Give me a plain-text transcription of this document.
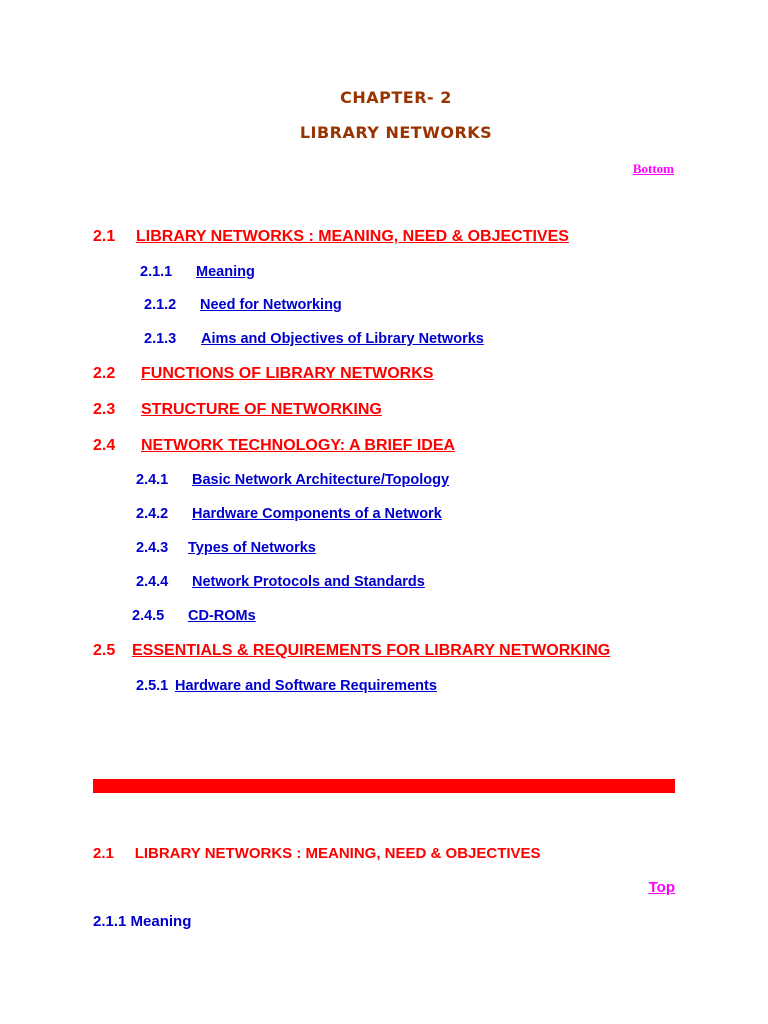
CHAPTER- 2
LIBRARY NETWORKS
Bottom
2.1 LIBRARY NETWORKS : MEANING, NEED & OBJECTIVES
2.1.1 Meaning
2.1.2 Need for Networking
2.1.3 Aims and Objectives of Library Networks
2.2 FUNCTIONS OF LIBRARY NETWORKS
2.3 STRUCTURE OF NETWORKING
2.4 NETWORK TECHNOLOGY: A BRIEF IDEA
2.4.1 Basic Network Architecture/Topology
2.4.2 Hardware Components of a Network
2.4.3 Types of Networks
2.4.4 Network Protocols and Standards
2.4.5 CD-ROMs
2.5 ESSENTIALS & REQUIREMENTS FOR LIBRARY NETWORKING
2.5.1 Hardware and Software Requirements
2.1     LIBRARY NETWORKS : MEANING, NEED & OBJECTIVES
Top
2.1.1 Meaning
